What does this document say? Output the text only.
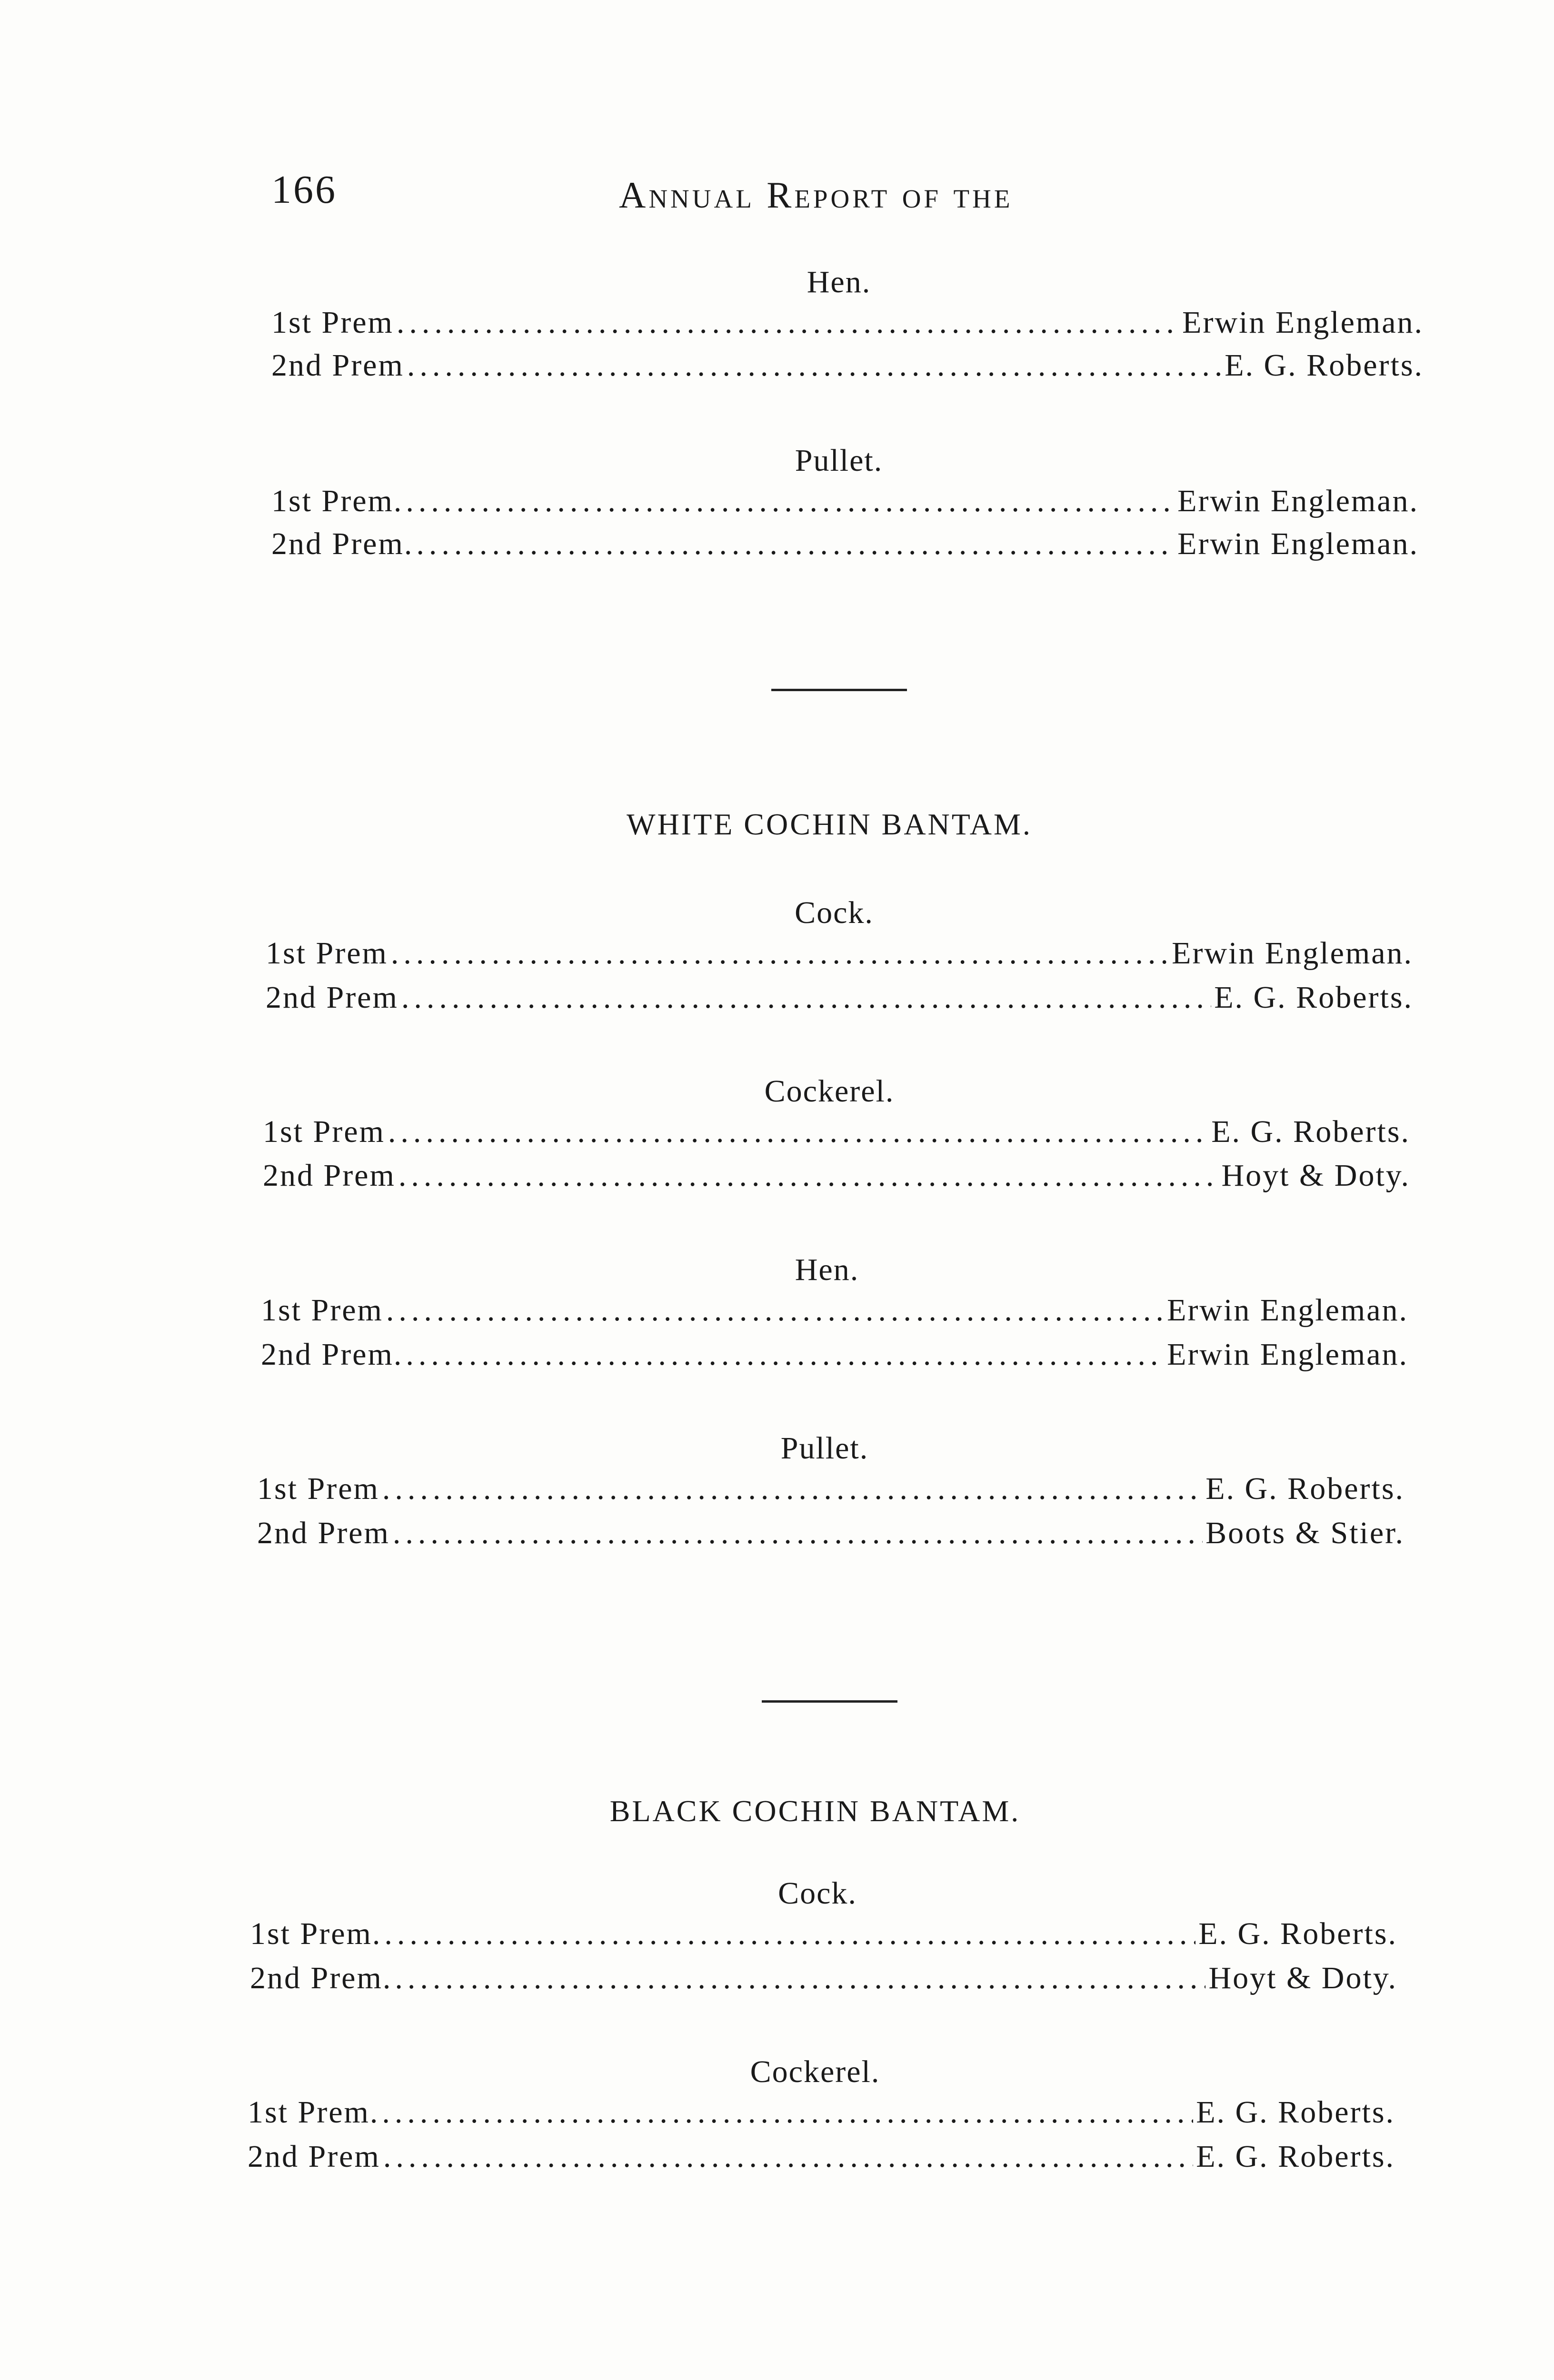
166	Annual Report of the
Hen.
1st Prem .....	Erwin Engleman.
2nd Prem .....	E. G. Roberts.
Pullet.
1st Prem. .....	Erwin Engleman.
2nd Prem. .....	Erwin Engleman.
WHITE COCHIN BANTAM.
Cock.
1st Prem .....	Erwin Engleman.
2nd Prem .....	E. G. Roberts.
Cockerel.
1st Prem .....	E. G. Roberts.
2nd Prem .....	Hoyt & Doty.
Hen.
1st Prem .....	Erwin Engleman.
2nd Prem. .....	Erwin Engleman.
Pullet.
1st Prem .....	E. G. Roberts.
2nd Prem .....	Boots & Stier.
BLACK COCHIN BANTAM.
Cock.
1st Prem. .....	E. G. Roberts.
2nd Prem. .....	Hoyt & Doty.
Cockerel.
1st Prem. .....	E. G. Roberts.
2nd Prem .....	E. G. Roberts.
